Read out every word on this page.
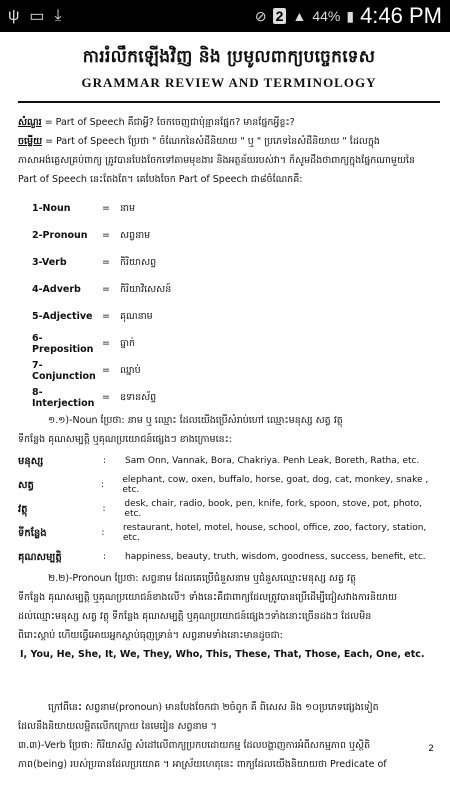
ψ ▭ ⤓	⊘ 2 ▲ 44% ▮ 4:46 PM
ការរំលឹកឡើងវិញ និង ប្រមូលពាក្យបច្ចេកទេស
GRAMMAR REVIEW AND TERMINOLOGY
សំណួរ = Part of Speech គឺជាអ្វី? ចែកចេញជាប៉ុន្មានផ្នែក? មានផ្នែកអ្វីខ្លះ?
ចម្លើយ = Part of Speech ប្រែថា " ចំណែកនៃសំដីនិយាយ " ឬ " ប្រភេទនៃសំដីនិយាយ " ដែលក្នុង
ភាសាអង់គ្លេសគ្រប់ពាក្យ ត្រូវបានបែងចែកទៅតាមមុខងារ និងអត្ថន័យរបស់វា។ ក៏សូមដឹងថាពាក្យក្នុងផ្នែកណាមួយនៃ
Part of Speech នេះតែងតែ។ គេបែងចែក Part of Speech ជា៨ចំណែកគឺ:
1-Noun	=	នាម
2-Pronoun	=	សព្វនាម
3-Verb	=	កិរិយាសព្ទ
4-Adverb	=	កិរិយាវិសេសន៍
5-Adjective	=	គុណនាម
6-Preposition =	ធ្នាក់
7-Conjunction =	ឈ្នាប់
8-Interjection =	ឧទានស័ព្ទ
១.១)-Noun ប្រែថា: នាម ឬ ឈ្មោះ ដែលយើងប្រើសំរាប់ហៅ ឈ្មោះមនុស្ស សត្វ វត្ថុ
ទីកន្លែង គុណសម្បត្តិ ឬគុណប្រយោជន៍ផ្សេងៗ ខាងក្រោមនេះ:
មនុស្ស	:	Sam Onn, Vannak, Bora, Chakriya. Penh Leak, Boreth, Ratha, etc.
សត្វ	:	elephant, cow, oxen, buffalo, horse, goat, dog, cat, monkey, snake , etc.
វត្ថុ	:	desk, chair, radio, book, pen, knife, fork, spoon, stove, pot, photo, etc.
ទីកន្លែង	:	restaurant, hotel, motel, house, school, office, zoo, factory, station, etc.
គុណសម្បត្តិ	:	happiness, beauty, truth, wisdom, goodness, success, benefit, etc.
២.២)-Pronoun ប្រែថា: សព្វនាម ដែលគេប្រើជំនួសនាម ឬជំនួសឈ្មោះមនុស្ស សត្វ វត្ថុ
ទីកន្លែង គុណសម្បត្តិ ឬគុណប្រយោជន៍ខាងលើ។ ទាំងនេះគឺជាពាក្យដែលត្រូវបានប្រើដើម្បីជៀសវាងការនិយាយ
ដល់ឈ្មោះមនុស្ស សត្វ វត្ថុ ទីកន្លែង គុណសម្បត្តិ ឬគុណប្រយោជន៍ផ្សេងៗទាំងនោះច្រើនដងៗ ដែលមិន
ពិរោះស្តាប់ ហើយធ្វើអោយអ្នកស្តាប់ធុញទ្រាន់។ សព្វនាមទាំងនោះមានដូចជា:
I, You, He, She, It, We, They, Who, This, These, That, Those, Each, One, etc.
2
ក្រៅពីនេះ សព្វនាម(pronoun) មានបែងចែកជា ២ចំពូក គឺ ពិសេស និង ១០ប្រភេទផ្សេងទៀត
ដែលនឹងនិយាយលម្អិតលើកក្រោយ នៃមេរៀន សព្វនាម ។
៣.៣)-Verb ប្រែថា: កិរិយាស័ព្ទ សំដៅលើពាក្យប្រកបដោយកម្ម ដែលបង្ហាញការអំពីសកម្មភាព ឬស្ថិតិ
ភាព(being) របស់ប្រធានដែលប្រយោគ ។ អាស្រ័យហេតុនេះ ពាក្យដែលយើងនិយាយថា Predicate of
